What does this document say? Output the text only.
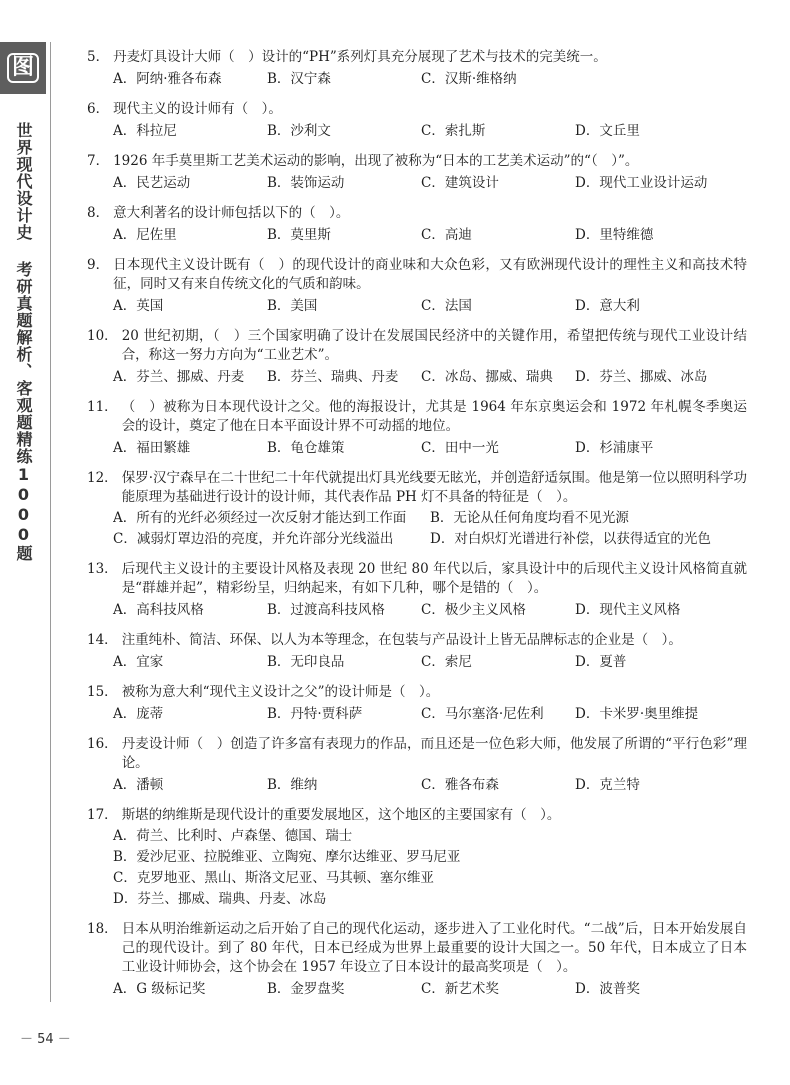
图
世界现代设计史 考研真题解析、客观题精练1000题
5． 丹麦灯具设计大师（　）设计的“PH”系列灯具充分展现了艺术与技术的完美统一。
A．阿纳·雅各布森	B．汉宁森	C．汉斯·维格纳
6． 现代主义的设计师有（　）。
A．科拉尼	B．沙利文	C．索扎斯	D．文丘里
7． 1926 年手莫里斯工艺美术运动的影响，出现了被称为“日本的工艺美术运动”的“（　）”。
A．民艺运动	B．装饰运动	C．建筑设计	D．现代工业设计运动
8． 意大利著名的设计师包括以下的（　）。
A．尼佐里	B．莫里斯	C．高迪	D．里特维德
9． 日本现代主义设计既有（　）的现代设计的商业味和大众色彩，又有欧洲现代设计的理性主义和高技术特征，同时又有来自传统文化的气质和韵味。
A．英国	B．美国	C．法国	D．意大利
10． 20 世纪初期，（　）三个国家明确了设计在发展国民经济中的关键作用，希望把传统与现代工业设计结合，称这一努力方向为“工业艺术”。
A．芬兰、挪威、丹麦	B．芬兰、瑞典、丹麦	C．冰岛、挪威、瑞典	D．芬兰、挪威、冰岛
11． （　）被称为日本现代设计之父。他的海报设计，尤其是 1964 年东京奥运会和 1972 年札幌冬季奥运会的设计，奠定了他在日本平面设计界不可动摇的地位。
A．福田繁雄	B．龟仓雄策	C．田中一光	D．杉浦康平
12． 保罗·汉宁森早在二十世纪二十年代就提出灯具光线要无眩光，并创造舒适氛围。他是第一位以照明科学功能原理为基础进行设计的设计师，其代表作品 PH 灯不具备的特征是（　）。
A．所有的光纤必须经过一次反射才能达到工作面	B．无论从任何角度均看不见光源
C．减弱灯罩边沿的亮度，并允许部分光线溢出	D．对白炽灯光谱进行补偿，以获得适宜的光色
13． 后现代主义设计的主要设计风格及表现 20 世纪 80 年代以后，家具设计中的后现代主义设计风格简直就是“群雄并起”，精彩纷呈，归纳起来，有如下几种，哪个是错的（　）。
A．高科技风格	B．过渡高科技风格	C．极少主义风格	D．现代主义风格
14． 注重纯朴、简洁、环保、以人为本等理念，在包装与产品设计上皆无品牌标志的企业是（　）。
A．宜家	B．无印良品	C．索尼	D．夏普
15． 被称为意大利“现代主义设计之父”的设计师是（　）。
A．庞蒂	B．丹特·贾科萨	C．马尔塞洛·尼佐利	D．卡米罗·奥里维提
16． 丹麦设计师（　）创造了许多富有表现力的作品，而且还是一位色彩大师，他发展了所谓的“平行色彩”理论。
A．潘顿	B．维纳	C．雅各布森	D．克兰特
17． 斯堪的纳维斯是现代设计的重要发展地区，这个地区的主要国家有（　）。
A．荷兰、比利时、卢森堡、德国、瑞士
B．爱沙尼亚、拉脱维亚、立陶宛、摩尔达维亚、罗马尼亚
C．克罗地亚、黑山、斯洛文尼亚、马其顿、塞尔维亚
D．芬兰、挪威、瑞典、丹麦、冰岛
18． 日本从明治维新运动之后开始了自己的现代化运动，逐步进入了工业化时代。“二战”后，日本开始发展自己的现代设计。到了 80 年代，日本已经成为世界上最重要的设计大国之一。50 年代，日本成立了日本工业设计师协会，这个协会在 1957 年设立了日本设计的最高奖项是（　）。
A．G 级标记奖	B．金罗盘奖	C．新艺术奖	D．波普奖
－ 54 －
